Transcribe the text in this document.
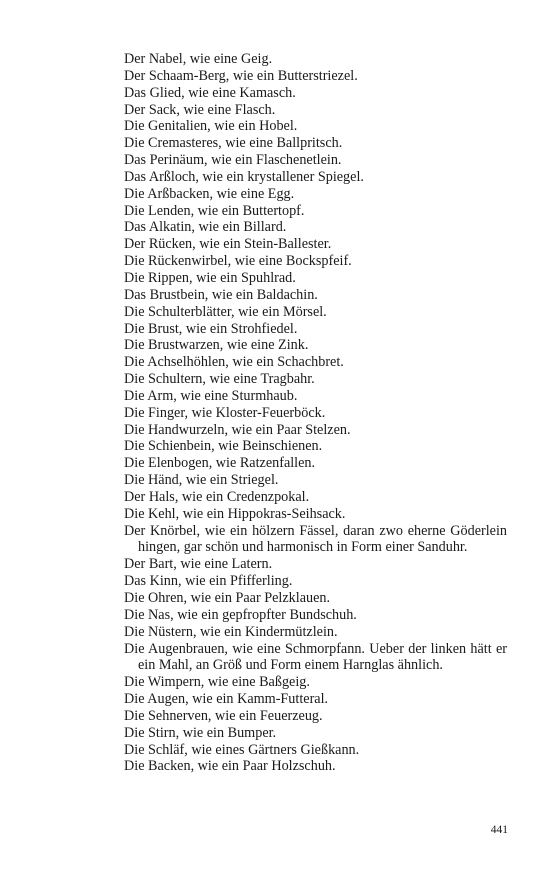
Der Nabel, wie eine Geig.

Der Schaam-Berg, wie ein Butterstriezel.

Das Glied, wie eine Kamasch.

Der Sack, wie eine Flasch.

Die Genitalien, wie ein Hobel.

Die Cremasteres, wie eine Ballpritsch.

Das Perinäum, wie ein Flaschenetlein.

Das Arßloch, wie ein krystallener Spiegel.

Die Arßbacken, wie eine Egg.

Die Lenden, wie ein Buttertopf.

Das Alkatin, wie ein Billard.

Der Rücken, wie ein Stein-Ballester.

Die Rückenwirbel, wie eine Bockspfeif.

Die Rippen, wie ein Spuhlrad.

Das Brustbein, wie ein Baldachin.

Die Schulterblätter, wie ein Mörsel.

Die Brust, wie ein Strohfiedel.

Die Brustwarzen, wie eine Zink.

Die Achselhöhlen, wie ein Schachbret.

Die Schultern, wie eine Tragbahr.

Die Arm, wie eine Sturmhaub.

Die Finger, wie Kloster-Feuerböck.

Die Handwurzeln, wie ein Paar Stelzen.

Die Schienbein, wie Beinschienen.

Die Elenbogen, wie Ratzenfallen.

Die Händ, wie ein Striegel.

Der Hals, wie ein Credenzpokal.

Die Kehl, wie ein Hippokras-Seihsack.

Der Knörbel, wie ein hölzern Fässel, daran zwo eherne Göderlein hingen, gar schön und harmonisch in Form einer Sanduhr.

Der Bart, wie eine Latern.

Das Kinn, wie ein Pfifferling.

Die Ohren, wie ein Paar Pelzklauen.

Die Nas, wie ein gepfropfter Bundschuh.

Die Nüstern, wie ein Kindermützlein.

Die Augenbrauen, wie eine Schmorpfann. Ueber der linken hätt er ein Mahl, an Größ und Form einem Harnglas ähnlich.

Die Wimpern, wie eine Baßgeig.

Die Augen, wie ein Kamm-Futteral.

Die Sehnerven, wie ein Feuerzeug.

Die Stirn, wie ein Bumper.

Die Schläf, wie eines Gärtners Gießkann.

Die Backen, wie ein Paar Holzschuh.

441
